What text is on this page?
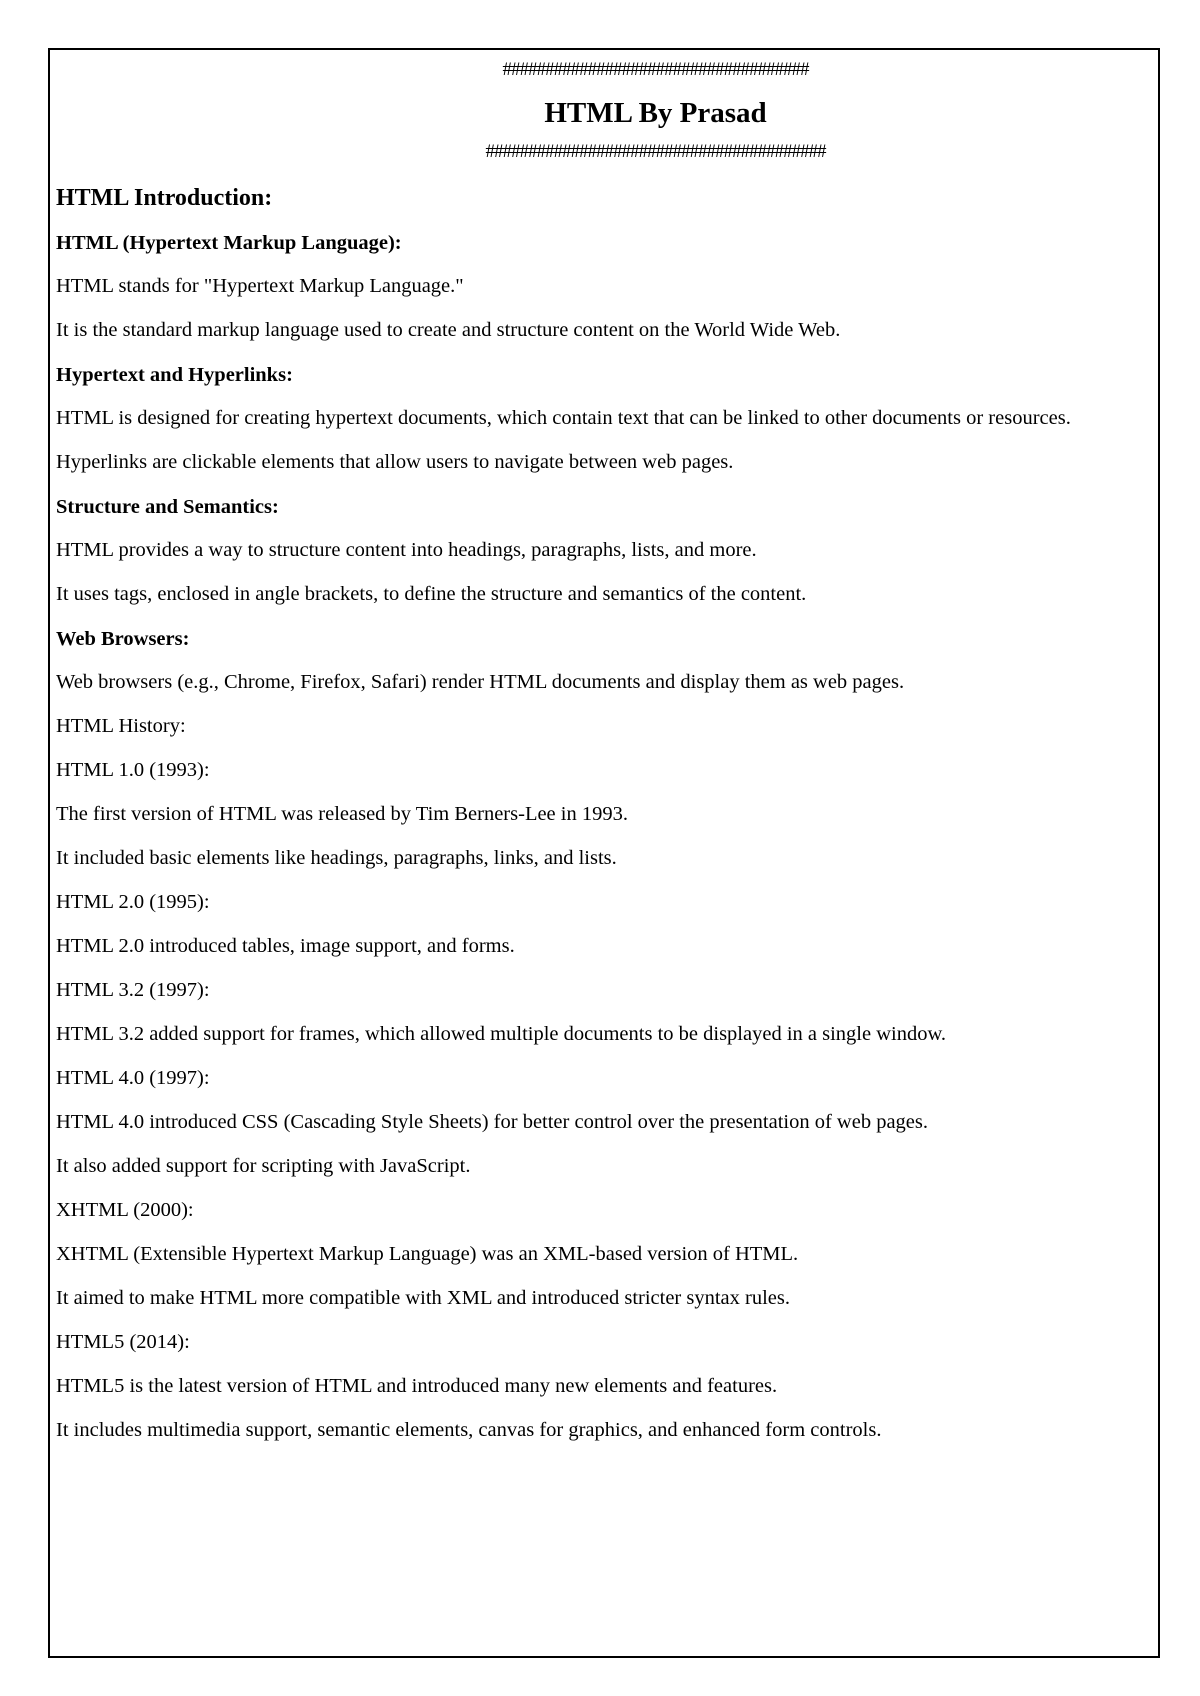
####################################

HTML By Prasad

########################################

HTML Introduction:
HTML (Hypertext Markup Language):

HTML stands for "Hypertext Markup Language."

It is the standard markup language used to create and structure content on the World Wide Web.

Hypertext and Hyperlinks:

HTML is designed for creating hypertext documents, which contain text that can be linked to other documents or resources.

Hyperlinks are clickable elements that allow users to navigate between web pages.

Structure and Semantics:

HTML provides a way to structure content into headings, paragraphs, lists, and more.

It uses tags, enclosed in angle brackets, to define the structure and semantics of the content.

Web Browsers:

Web browsers (e.g., Chrome, Firefox, Safari) render HTML documents and display them as web pages.

HTML History:

HTML 1.0 (1993):

The first version of HTML was released by Tim Berners-Lee in 1993.

It included basic elements like headings, paragraphs, links, and lists.

HTML 2.0 (1995):

HTML 2.0 introduced tables, image support, and forms.

HTML 3.2 (1997):

HTML 3.2 added support for frames, which allowed multiple documents to be displayed in a single window.

HTML 4.0 (1997):

HTML 4.0 introduced CSS (Cascading Style Sheets) for better control over the presentation of web pages.

It also added support for scripting with JavaScript.

XHTML (2000):

XHTML (Extensible Hypertext Markup Language) was an XML-based version of HTML.

It aimed to make HTML more compatible with XML and introduced stricter syntax rules.

HTML5 (2014):

HTML5 is the latest version of HTML and introduced many new elements and features.

It includes multimedia support, semantic elements, canvas for graphics, and enhanced form controls.
